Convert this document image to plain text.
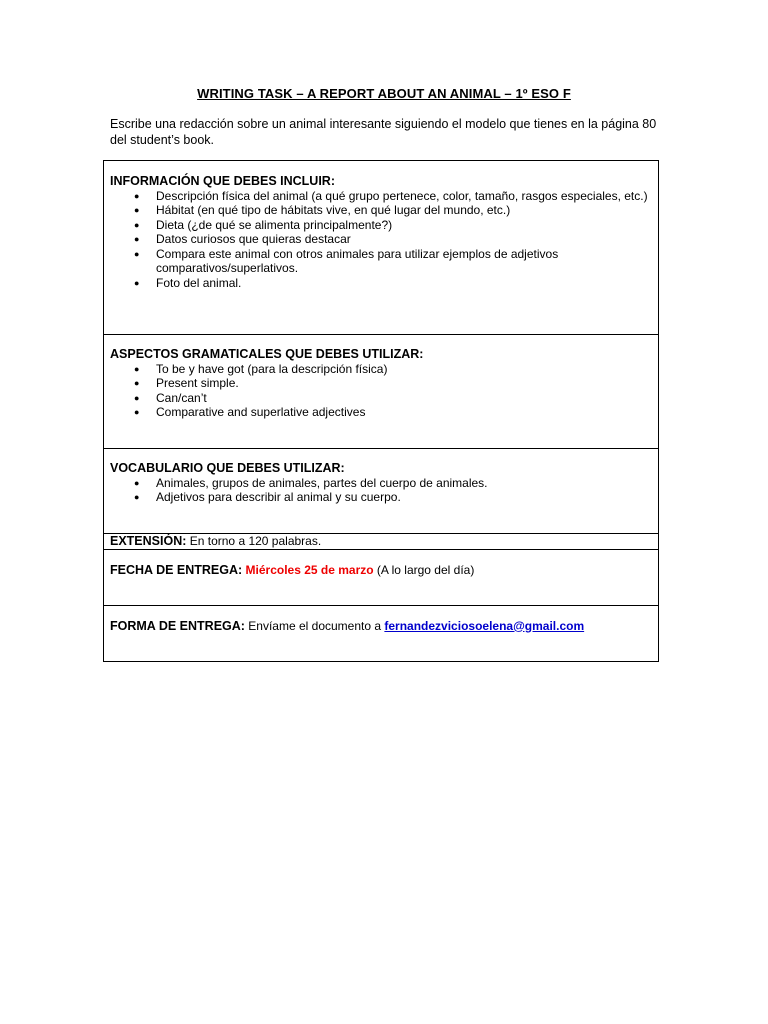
WRITING TASK – A REPORT ABOUT AN ANIMAL – 1º ESO F
Escribe una redacción sobre un animal interesante siguiendo el modelo que tienes en la página 80 del student’s book.
INFORMACIÓN QUE DEBES INCLUIR:
● Descripción física del animal (a qué grupo pertenece, color, tamaño, rasgos especiales, etc.)
● Hábitat (en qué tipo de hábitats vive, en qué lugar del mundo, etc.)
● Dieta (¿de qué se alimenta principalmente?)
● Datos curiosos que quieras destacar
● Compara este animal con otros animales para utilizar ejemplos de adjetivos comparativos/superlativos.
● Foto del animal.

ASPECTOS GRAMATICALES QUE DEBES UTILIZAR:
● To be y have got (para la descripción física)
● Present simple.
● Can/can’t
● Comparative and superlative adjectives

VOCABULARIO QUE DEBES UTILIZAR:
● Animales, grupos de animales, partes del cuerpo de animales.
● Adjetivos para describir al animal y su cuerpo.

EXTENSIÓN: En torno a 120 palabras.
FECHA DE ENTREGA: Miércoles 25 de marzo (A lo largo del día)
FORMA DE ENTREGA: Envíame el documento a fernandezviciosoelena@gmail.com
